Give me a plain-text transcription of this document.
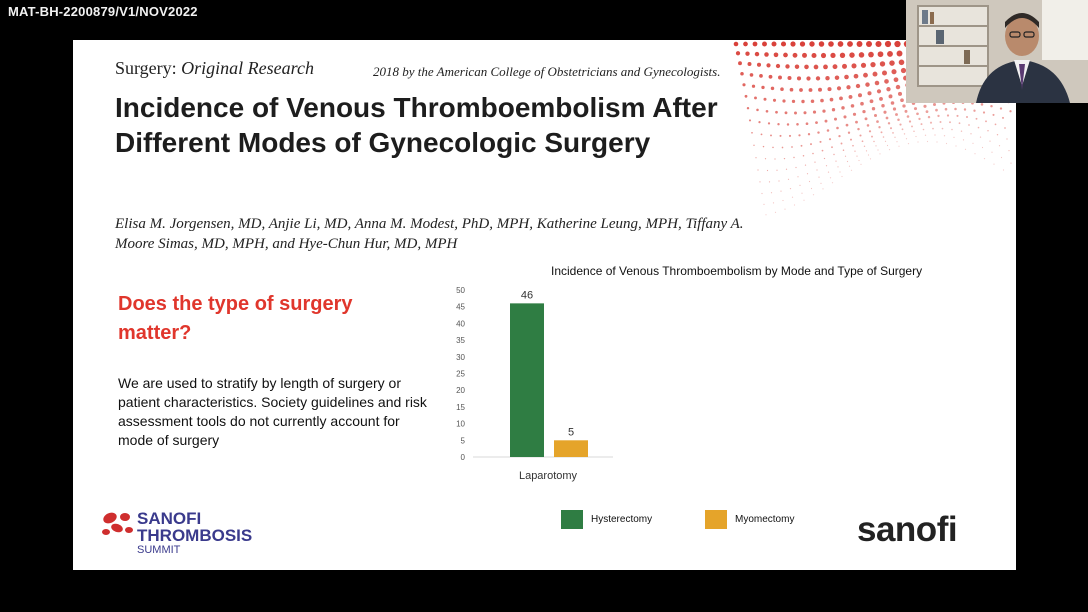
MAT-BH-2200879/V1/NOV2022
Surgery: Original Research	2018 by the American College of Obstetricians and Gynecologists.
Incidence of Venous Thromboembolism After Different Modes of Gynecologic Surgery
Elisa M. Jorgensen, MD, Anjie Li, MD, Anna M. Modest, PhD, MPH, Katherine Leung, MPH, Tiffany A. Moore Simas, MD, MPH, and Hye-Chun Hur, MD, MPH
Does the type of surgery matter?
We are used to stratify by length of surgery or patient characteristics. Society guidelines and risk assessment tools do not currently account for mode of surgery
Incidence of Venous Thromboembolism by Mode and Type of Surgery
0
5
10
15
20
25
30
35
40
45
50	46
5
Laparotomy
Hysterectomy	Myomectomy
SANOFI
THROMBOSIS
SUMMIT
sanofi
